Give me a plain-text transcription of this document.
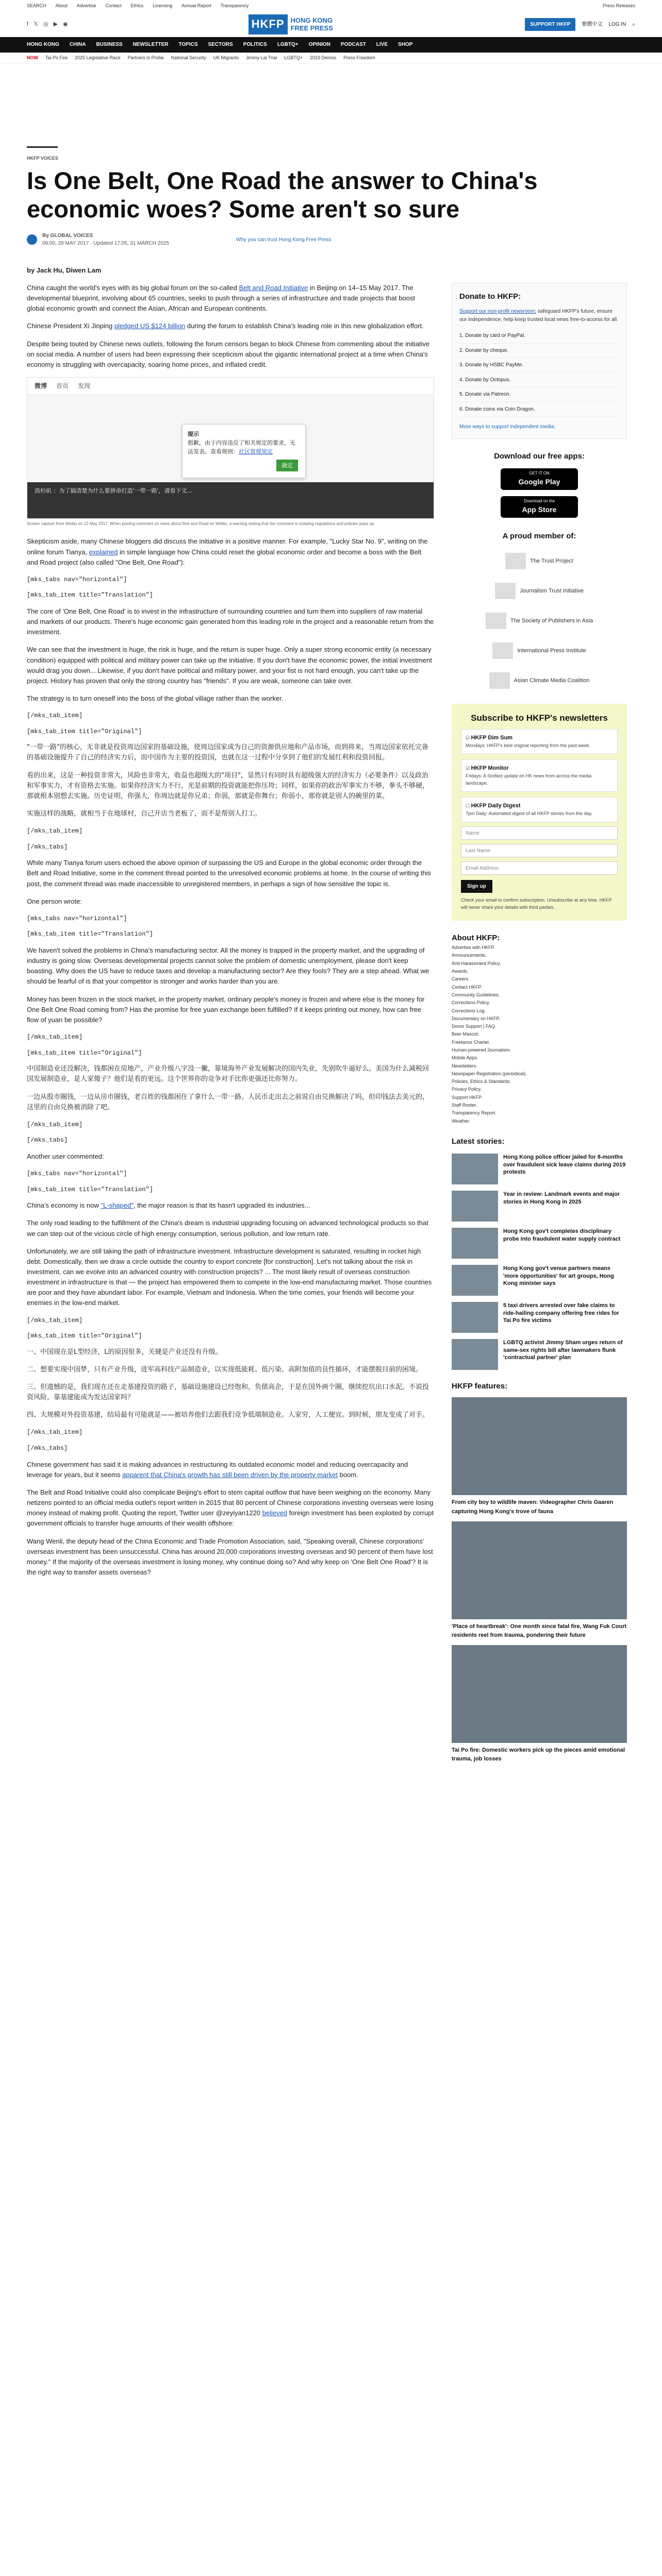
SEARCH About Advertise Contact Ethics Licensing Annual Report Transparency	Press Releases
f 𝕏 ◎ ▶ ◉	HKFP HONG KONG
FREE PRESS	SUPPORT HKFP	繁體中文 LOG IN ⌕
HONG KONG CHINA BUSINESS NEWSLETTER TOPICS SECTORS POLITICS LGBTQ+ OPINION PODCAST LIVE SHOP
NOW Tai Po Fire 2025 Legislative Race Partners in Probe National Security UK Migrants Jimmy Lai Trial LGBTQ+ 2019 Demos Press Freedom
HKFP VOICES
Is One Belt, One Road the answer to China's economic woes? Some aren't so sure
By GLOBAL VOICES
09:00, 28 MAY 2017 · Updated 17:05, 31 MARCH 2025
Why you can trust Hong Kong Free Press
by Jack Hu, Diwen Lam

China caught the world's eyes with its big global forum on the so-called Belt and Road Initiative in Beijing on 14–15 May 2017. The developmental blueprint, involving about 65 countries, seeks to push through a series of infrastructure and trade projects that boost global economic growth and connect the Asian, African and European continents.

Chinese President Xi Jinping pledged US $124 billion during the forum to establish China's leading role in this new globalization effort.

Despite being touted by Chinese news outlets, following the forum censors began to block Chinese from commenting about the initiative on social media. A number of users had been expressing their scepticism about the gigantic international project at a time when China's economy is struggling with overcapacity, soaring home prices, and inflated credit.

微博 首页 发现
提示
抱歉，由于内容违反了相关规定的要求，无法发表。查看规则：社区管理规定
确定
洛杉矶 ：为了搞清楚为什么要拼命打造'一带一路'，请看下文...
Screen capture from Weibo on 12 May 2017. When posting comment on news about Belt and Road on Weibo, a warning stating that the comment is violating regulations and policies pops up.

Skepticism aside, many Chinese bloggers did discuss the initiative in a positive manner. For example, "Lucky Star No. 9", writing on the online forum Tianya, explained in simple language how China could reset the global economic order and become a boss with the Belt and Road project (also called "One Belt, One Road"):

[mks_tabs nav="horizontal"]
[mks_tab_item title="Translation"]

The core of 'One Belt, One Road' is to invest in the infrastructure of surrounding countries and turn them into suppliers of raw material and markets of our products. There's huge economic gain generated from this leading role in the project and a reasonable return from the investment.

We can see that the investment is huge, the risk is huge, and the return is super huge. Only a super strong economic entity (a necessary condition) equipped with political and military power can take up the initiative. If you don't have the economic power, the initial investment would drag you down... Likewise, if you don't have political and military power, and your fist is not hard enough, you can't take up the project. History has proven that only the strong country has "friends". If you are weak, someone can take over.

The strategy is to turn oneself into the boss of the global village rather than the worker.

[/mks_tab_item]
[mks_tab_item title="Original"]

"一带一路"的核心，无非就是投资周边国家的基础设施，使周边国家成为自己的资源供应地和产品市场，而到将来，当周边国家依托完备的基础设施提升了自己的经济实力后，而中国作为主要的投资国，也就在这一过程中分享到了他们的发展红利和投资回报。

看的出来，这是一种投资非常大，风险也非常大，收益也超级大的"项目"，显然只有同时具有超级强大的经济实力（必要条件）以及政治和军事实力，才有资格去实施。如果你经济实力不行，光是前期的投资就能把你压垮；同样，如果你的政治军事实力不够，拳头不够硬，那就根本别想去实施。历史证明，你强大，你周边就是你兄弟；你弱，那就是你舞台；你弱小，那你就是别人的碗里的菜。

实施这样的战略，就相当于在地球村，自己开店当老板了，而不是帮别人打工。

[/mks_tab_item]
[/mks_tabs]

While many Tianya forum users echoed the above opinion of surpassing the US and Europe in the global economic order through the Belt and Road Initiative, some in the comment thread pointed to the unresolved economic problems at home. In the course of writing this post, the comment thread was made inaccessible to unregistered members, in perhaps a sign of how sensitive the topic is.

One person wrote:

[mks_tabs nav="horizontal"]
[mks_tab_item title="Translation"]

We haven't solved the problems in China's manufacturing sector. All the money is trapped in the property market, and the upgrading of industry is going slow. Overseas developmental projects cannot solve the problem of domestic unemployment, please don't keep boasting. Why does the US have to reduce taxes and develop a manufacturing sector? Are they fools? They are a step ahead. What we should be fearful of is that your competitor is stronger and works harder than you are.

Money has been frozen in the stock market, in the property market, ordinary people's money is frozen and where else is the money for One Belt One Road coming from? Has the promise for free yuan exchange been fulfilled? If it keeps printing out money, how can free flow of yuan be possible?

[/mks_tab_item]
[mks_tab_item title="Original"]

中国制造业还没解决，钱都困在房地产，产业升级八字没一撇，靠境海外产业发展解决的国内失业，先别吹牛逼好么。美国为什么减税回国发展制造业，是人家傻子？他们是看的更远。这个世界你的竞争对手比你更强还比你努力。

一边从股市圈钱，一边从房市圈钱，老百姓的钱都困住了拿什么一带一路。人民币走出去之前说自由兑换解决了吗，但印钱法去美元的，这里的自由兑换被消除了吧。

[/mks_tab_item]
[/mks_tabs]

Another user commented:

[mks_tabs nav="horizontal"]
[mks_tab_item title="Translation"]

China's economy is now "L-shaped", the major reason is that its hasn't upgraded its industries...

The only road leading to the fulfillment of the China's dream is industrial upgrading focusing on advanced technological products so that we can step out of the vicious circle of high energy consumption, serious pollution, and low return rate.

Unfortunately, we are still taking the path of infrastructure investment. Infrastructure development is saturated, resulting in rocket high debt. Domestically, then we draw a circle outside the country to export concrete [for construction]. Let's not talking about the risk in investment, can we evolve into an advanced country with construction projects? ... The most likely result of overseas construction investment in infrastructure is that — the project has empowered them to compete in the low-end manufacturing market. Those countries are poor and they have abundant labor. For example, Vietnam and Indonesia. When the time comes, your friends will become your enemies in the low-end market.

[/mks_tab_item]
[mks_tab_item title="Original"]

一、中国现在是L型经济，L的原因很多，关键是产业还没有升级。

二、想要实现中国梦，只有产业升级，进军高科技产品制造业，以实现低能耗、低污染、高附加值的良性循环，才能摆脱目前的困境。

三、但遗憾的是，我们现在还在走基建投资的路子，基础设施建设已经饱和，负债高企，于是在国外画个圈，继续挖坑出口水泥。不说投资风险，靠基建能成为发达国家吗？

四、大规模对外投资基建，结局最有可能就是——被培养他们去跟我们竞争低端制造业。人家穷，人工便宜。到时候，朋友变成了对手。

[/mks_tab_item]
[/mks_tabs]

Chinese government has said it is making advances in restructuring its outdated economic model and reducing overcapacity and leverage for years, but it seems apparent that China's growth has still been driven by the property market boom.

The Belt and Road Initiative could also complicate Beijing's effort to stem capital outflow that have been weighing on the economy. Many netizens pointed to an official media outlet's report written in 2015 that 80 percent of Chinese corporations investing overseas were losing money instead of making profit. Quoting the report, Twitter user @zeyiyan1220 believed foreign investment has been exploited by corrupt government officials to transfer huge amounts of their wealth offshore:

Wang Wenli, the deputy head of the China Economic and Trade Promotion Association, said, "Speaking overall, Chinese corporations' overseas investment has been unsuccessful. China has around 20,000 corporations investing overseas and 90 percent of them have lost money." If the majority of the overseas investment is losing money, why continue doing so? And why keep on 'One Belt One Road'? It is the right way to transfer assets overseas?

Donate to HKFP:
Support our non-profit newsroom: safeguard HKFP's future, ensure our independence, help keep trusted local news free-to-access for all.
1. Donate by card or PayPal.
2. Donate by cheque.
3. Donate by HSBC PayMe.
4. Donate by Octopus.
5. Donate via Patreon.
6. Donate coins via Coin Dragon.
More ways to support independent media.
Download our free apps:
GET IT ON
Google Play
Download on the
App Store
A proud member of:
The Trust Project
Journalism Trust Initiative
The Society of Publishers in Asia
International Press Institute
Asian Climate Media Coalition
Subscribe to HKFP's newsletters
☑ HKFP Dim Sum
Mondays: HKFP's best original reporting from the past week.
☑ HKFP Monitor
Fridays: A Sinified update on HK news from across the media landscape.
☐ HKFP Daily Digest
7pm Daily: Automated digest of all HKFP stories from the day.
Name
Last Name
Email Address
Sign up
Check your email to confirm subscription. Unsubscribe at any time. HKFP will never share your details with third parties.
About HKFP:
Advertise with HKFP.
Announcements.
Anti-Harassment Policy.
Awards.
Careers.
Contact HKFP.
Community Guidelines.
Corrections Policy.
Corrections Log.
Documentary on HKFP.
Donor Support | FAQ.
Beer Mascot.
Freelance Charter.
Human-powered Journalism.
Mobile Apps.
Newsletters.
Newspaper Registration (periodical).
Policies, Ethics & Standards.
Privacy Policy.
Support HKFP.
Staff Roster.
Transparency Report.
Weather.
Latest stories:
Hong Kong police officer jailed for 8-months over fraudulent sick leave claims during 2019 protests
Year in review: Landmark events and major stories in Hong Kong in 2025
Hong Kong gov't completes disciplinary probe into fraudulent water supply contract
Hong Kong gov't venue partners means 'more opportunities' for art groups, Hong Kong minister says
5 taxi drivers arrested over fake claims to ride-hailing company offering free rides for Tai Po fire victims
LGBTQ activist Jimmy Sham urges return of same-sex rights bill after lawmakers flunk 'contractual partner' plan
HKFP features:
From city boy to wildlife maven: Videographer Chris Gaaren capturing Hong Kong's trove of fauna
'Place of heartbreak': One month since fatal fire, Wang Fuk Court residents reel from trauma, pondering their future
Tai Po fire: Domestic workers pick up the pieces amid emotional trauma, job losses
